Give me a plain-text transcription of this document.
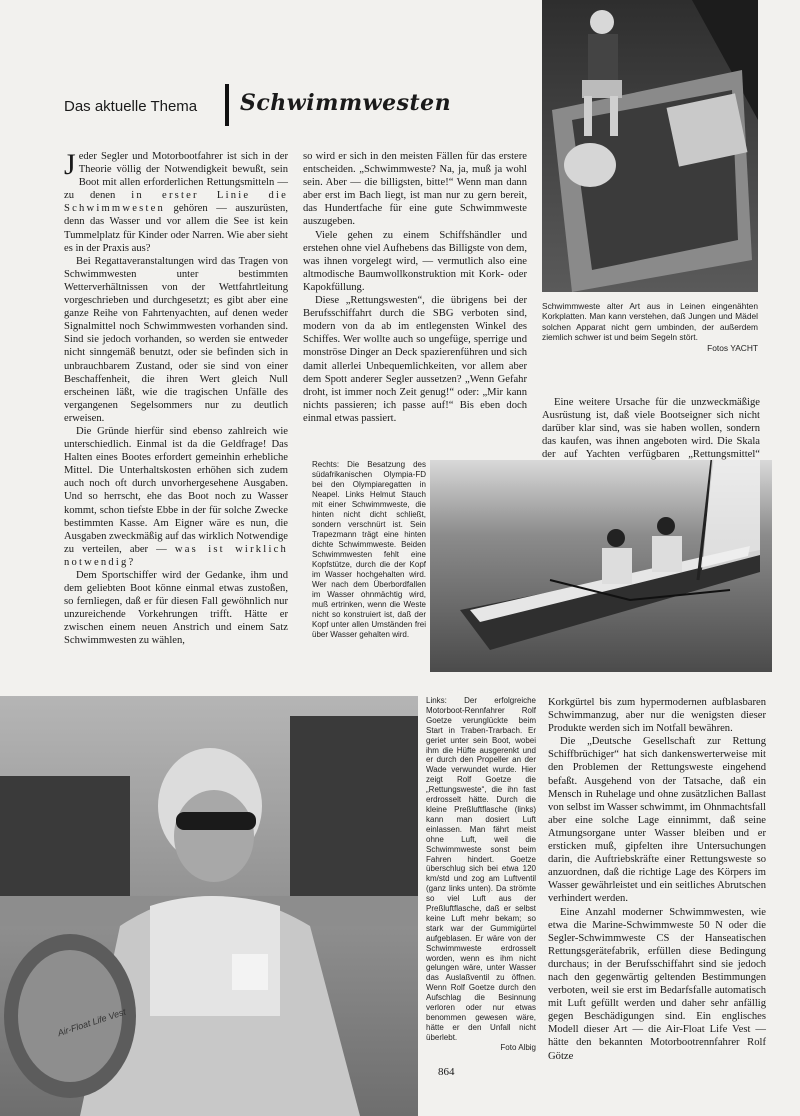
Das aktuelle Thema Schwimmwesten

Schwimmweste alter Art aus in Leinen eingenähten Korkplatten. Man kann verstehen, daß Jungen und Mädel solchen Apparat nicht gern umbinden, der außerdem ziemlich schwer ist und beim Segeln stört.

Fotos YACHT

Jeder Segler und Motorbootfahrer ist sich in der Theorie völlig der Notwendigkeit bewußt, sein Boot mit allen erforderlichen Rettungsmitteln — zu denen in erster Linie die Schwimmwesten gehören — auszurüsten, denn das Wasser und vor allem die See ist kein Tummelplatz für Kinder oder Narren. Wie aber sieht es in der Praxis aus?

Bei Regattaveranstaltungen wird das Tragen von Schwimmwesten unter bestimmten Wetterverhältnissen von der Wettfahrtleitung vorgeschrieben und durchgesetzt; es gibt aber eine ganze Reihe von Fahrtenyachten, auf denen weder Signalmittel noch Schwimmwesten vorhanden sind. Sind sie jedoch vorhanden, so werden sie entweder nicht sinngemäß benutzt, oder sie befinden sich in unbrauchbarem Zustand, oder sie sind von einer Beschaffenheit, die ihren Wert gleich Null erscheinen läßt, wie die tragischen Unfälle des vergangenen Segelsommers nur zu deutlich erweisen.

Die Gründe hierfür sind ebenso zahlreich wie unterschiedlich. Einmal ist da die Geldfrage! Das Halten eines Bootes erfordert gemeinhin erhebliche Mittel. Die Unterhaltskosten erhöhen sich zudem auch noch oft durch unvorhergesehene Ausgaben. Und so herrscht, ehe das Boot noch zu Wasser kommt, schon tiefste Ebbe in der für solche Zwecke bestimmten Kasse. Am Eigner wäre es nun, die Ausgaben zweckmäßig auf das wirklich Notwendige zu verteilen, aber — was ist wirklich notwendig?

Dem Sportschiffer wird der Gedanke, ihm und dem geliebten Boot könne einmal etwas zustoßen, so fernliegen, daß er für diesen Fall gewöhnlich nur unzureichende Vorkehrungen trifft. Hätte er zwischen einem neuen Anstrich und einem Satz Schwimmwesten zu wählen,

so wird er sich in den meisten Fällen für das erstere entscheiden. „Schwimmweste? Na, ja, muß ja wohl sein. Aber — die billigsten, bitte!“ Wenn man dann aber erst im Bach liegt, ist man nur zu gern bereit, das Hundertfache für eine gute Schwimmweste auszugeben.

Viele gehen zu einem Schiffshändler und erstehen ohne viel Aufhebens das Billigste von dem, was ihnen vorgelegt wird, — vermutlich also eine altmodische Baumwollkonstruktion mit Kork- oder Kapokfüllung.

Diese „Rettungswesten“, die übrigens bei der Berufsschiffahrt durch die SBG verboten sind, modern von da ab im entlegensten Winkel des Schiffes. Wer wollte auch so ungefüge, sperrige und monströse Dinger an Deck spazierenführen und sich damit allerlei Unbequemlichkeiten, vor allem aber dem Spott anderer Segler aussetzen? „Wenn Gefahr droht, ist immer noch Zeit genug!“ oder: „Mir kann nichts passieren; ich passe auf!“ Bis eben doch einmal etwas passiert.

Eine weitere Ursache für die unzweckmäßige Ausrüstung ist, daß viele Bootseigner sich nicht darüber klar sind, was sie haben wollen, sondern das kaufen, was ihnen angeboten wird. Die Skala der auf Yachten verfügbaren „Rettungsmittel“

Rechts: Die Besatzung des südafrikanischen Olympia-FD bei den Olympiaregatten in Neapel. Links Helmut Stauch mit einer Schwimmweste, die hinten nicht dicht schließt, sondern verschnürt ist. Sein Trapezmann trägt eine hinten dichte Schwimmweste. Beiden Schwimmwesten fehlt eine Kopfstütze, durch die der Kopf im Wasser hochgehalten wird. Wer nach dem Überbordfallen im Wasser ohnmächtig wird, muß ertrinken, wenn die Weste nicht so konstruiert ist, daß der Kopf unter allen Umständen frei über Wasser gehalten wird.

Air-Float Life Vest

Links: Der erfolgreiche Motorboot-Rennfahrer Rolf Goetze verunglückte beim Start in Traben-Trarbach. Er geriet unter sein Boot, wobei ihm die Hüfte ausgerenkt und er durch den Propeller an der Wade verwundet wurde. Hier zeigt Rolf Goetze die „Rettungsweste“, die ihn fast erdrosselt hätte. Durch die kleine Preßluftflasche (links) kann man dosiert Luft einlassen. Man fährt meist ohne Luft, weil die Schwimmweste sonst beim Fahren hindert. Goetze überschlug sich bei etwa 120 km/std und zog am Luftventil (ganz links unten). Da strömte so viel Luft aus der Preßluftflasche, daß er selbst keine Luft mehr bekam; so stark war der Gummigürtel aufgeblasen. Er wäre von der Schwimmweste erdrosselt worden, wenn es ihm nicht gelungen wäre, unter Wasser das Auslaßventil zu öffnen. Wenn Rolf Goetze durch den Aufschlag die Besinnung verloren oder nur etwas benommen gewesen wäre, hätte er den Unfall nicht überlebt.

Foto Albig

864

Korkgürtel bis zum hypermodernen aufblasbaren Schwimmanzug, aber nur die wenigsten dieser Produkte werden sich im Notfall bewähren.

Die „Deutsche Gesellschaft zur Rettung Schiffbrüchiger“ hat sich dankenswerterweise mit den Problemen der Rettungsweste eingehend befaßt. Ausgehend von der Tatsache, daß ein Mensch in Ruhelage und ohne zusätzlichen Ballast von selbst im Wasser schwimmt, im Ohnmachtsfall aber eine solche Lage einnimmt, daß seine Atmungsorgane unter Wasser bleiben und er ersticken muß, gipfelten ihre Untersuchungen darin, die Auftriebskräfte einer Rettungsweste so anzuordnen, daß die richtige Lage des Körpers im Wasser gewährleistet und ein seitliches Abrutschen verhindert werden.

Eine Anzahl moderner Schwimmwesten, wie etwa die Marine-Schwimmweste 50 N oder die Segler-Schwimmweste CS der Hanseatischen Rettungsgerätefabrik, erfüllen diese Bedingung durchaus; in der Berufsschiffahrt sind sie jedoch nach den gegenwärtig geltenden Bestimmungen verboten, weil sie erst im Bedarfsfalle automatisch mit Luft gefüllt werden und daher sehr anfällig gegen Beschädigungen sind. Ein englisches Modell dieser Art — die Air-Float Life Vest — hätte den bekannten Motorbootrennfahrer Rolf Götze
